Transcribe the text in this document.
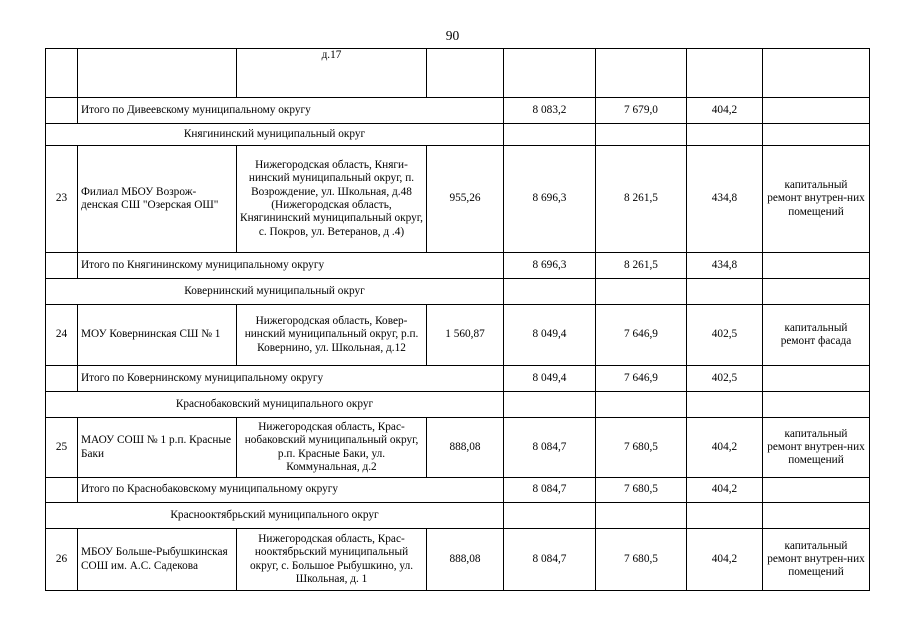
90
		д.17					
	Итого по Дивеевскому муниципальному округу			8 083,2	7 679,0	404,2	
Княгининский муниципальный округ							
23	Филиал МБОУ Возрож-денская СШ "Озерская ОШ"	Нижегородская область, Княги-нинский муниципальный округ, п. Возрождение, ул. Школьная, д.48 (Нижегородская область, Княгининский муниципальный округ, с. Покров, ул. Ветеранов, д .4)	955,26	8 696,3	8 261,5	434,8	капитальный ремонт внутрен-них помещений
	Итого по Княгининскому муниципальному округу			8 696,3	8 261,5	434,8	
Ковернинский муниципальный округ							
24	МОУ Ковернинская СШ № 1	Нижегородская область, Ковер-нинский муниципальный округ, р.п. Ковернино, ул. Школьная, д.12	1 560,87	8 049,4	7 646,9	402,5	капитальный ремонт фасада
	Итого по Ковернинскому муниципальному округу			8 049,4	7 646,9	402,5	
Краснобаковский муниципального округ							
25	МАОУ СОШ № 1 р.п. Красные Баки	Нижегородская область, Крас-нобаковский муниципальный округ, р.п. Красные Баки, ул. Коммунальная, д.2	888,08	8 084,7	7 680,5	404,2	капитальный ремонт внутрен-них помещений
	Итого по Краснобаковскому муниципальному округу			8 084,7	7 680,5	404,2	
Краснооктябрьский муниципального округ							
26	МБОУ Больше-Рыбушкинская СОШ им. А.С. Садекова	Нижегородская область, Крас-нооктябрьский муниципальный округ, с. Большое Рыбушкино, ул. Школьная, д. 1	888,08	8 084,7	7 680,5	404,2	капитальный ремонт внутрен-них помещений
